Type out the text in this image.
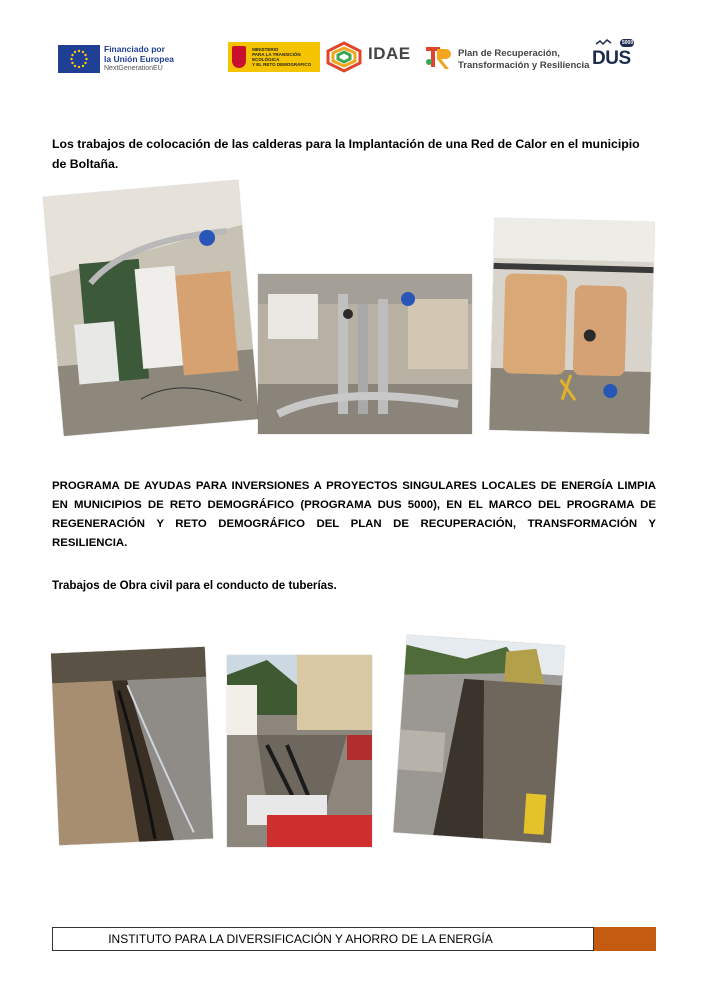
Financiado por
la Unión Europea
NextGenerationEU
MINISTERIO
PARA LA TRANSICIÓN ECOLÓGICA
Y EL RETO DEMOGRÁFICO
IDAE	Plan de Recuperación,
Transformación y Resiliencia
5000
DUS
Los trabajos de colocación de las calderas para la Implantación de una Red de Calor en el municipio de Boltaña.
PROGRAMA DE AYUDAS PARA INVERSIONES A PROYECTOS SINGULARES LOCALES DE ENERGÍA LIMPIA EN MUNICIPIOS DE RETO DEMOGRÁFICO (PROGRAMA DUS 5000), EN EL MARCO DEL PROGRAMA DE REGENERACIÓN Y RETO DEMOGRÁFICO DEL PLAN DE RECUPERACIÓN, TRANSFORMACIÓN Y RESILIENCIA.
Trabajos de Obra civil para el conducto de tuberías.
INSTITUTO PARA LA DIVERSIFICACIÓN Y AHORRO DE LA ENERGÍA
